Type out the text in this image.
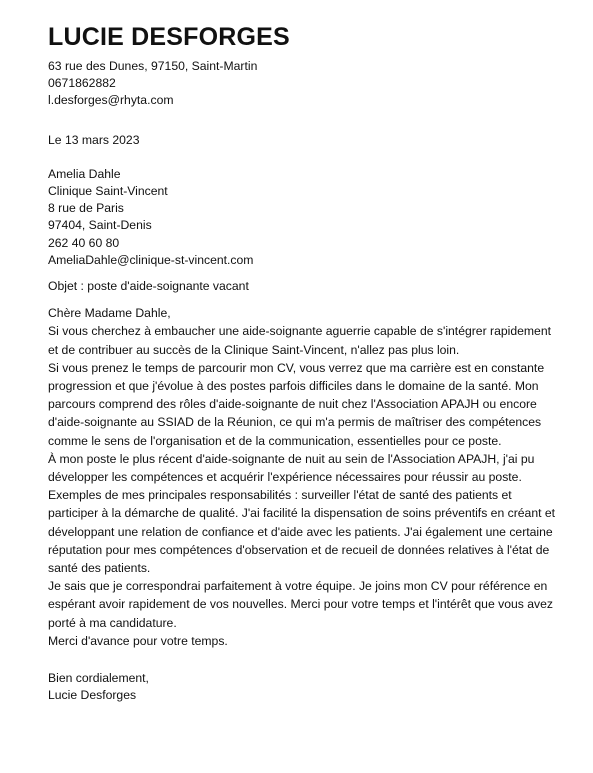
LUCIE DESFORGES
63 rue des Dunes, 97150, Saint-Martin
0671862882
l.desforges@rhyta.com
Le 13 mars 2023
Amelia Dahle
Clinique Saint-Vincent
8 rue de Paris
97404, Saint-Denis
262 40 60 80
AmeliaDahle@clinique-st-vincent.com
Objet : poste d'aide-soignante vacant
Chère Madame Dahle,

Si vous cherchez à embaucher une aide-soignante aguerrie capable de s'intégrer rapidement et de contribuer au succès de la Clinique Saint-Vincent, n'allez pas plus loin.

Si vous prenez le temps de parcourir mon CV, vous verrez que ma carrière est en constante progression et que j'évolue à des postes parfois difficiles dans le domaine de la santé. Mon parcours comprend des rôles d'aide-soignante de nuit chez l'Association APAJH ou encore d'aide-soignante au SSIAD de la Réunion, ce qui m'a permis de maîtriser des compétences comme le sens de l'organisation et de la communication, essentielles pour ce poste.

À mon poste le plus récent d'aide-soignante de nuit au sein de l'Association APAJH, j'ai pu développer les compétences et acquérir l'expérience nécessaires pour réussir au poste. Exemples de mes principales responsabilités : surveiller l'état de santé des patients et participer à la démarche de qualité. J'ai facilité la dispensation de soins préventifs en créant et développant une relation de confiance et d'aide avec les patients. J'ai également une certaine réputation pour mes compétences d'observation et de recueil de données relatives à l'état de santé des patients.

Je sais que je correspondrai parfaitement à votre équipe. Je joins mon CV pour référence en espérant avoir rapidement de vos nouvelles. Merci pour votre temps et l'intérêt que vous avez porté à ma candidature.

Merci d'avance pour votre temps.

Bien cordialement,
Lucie Desforges
